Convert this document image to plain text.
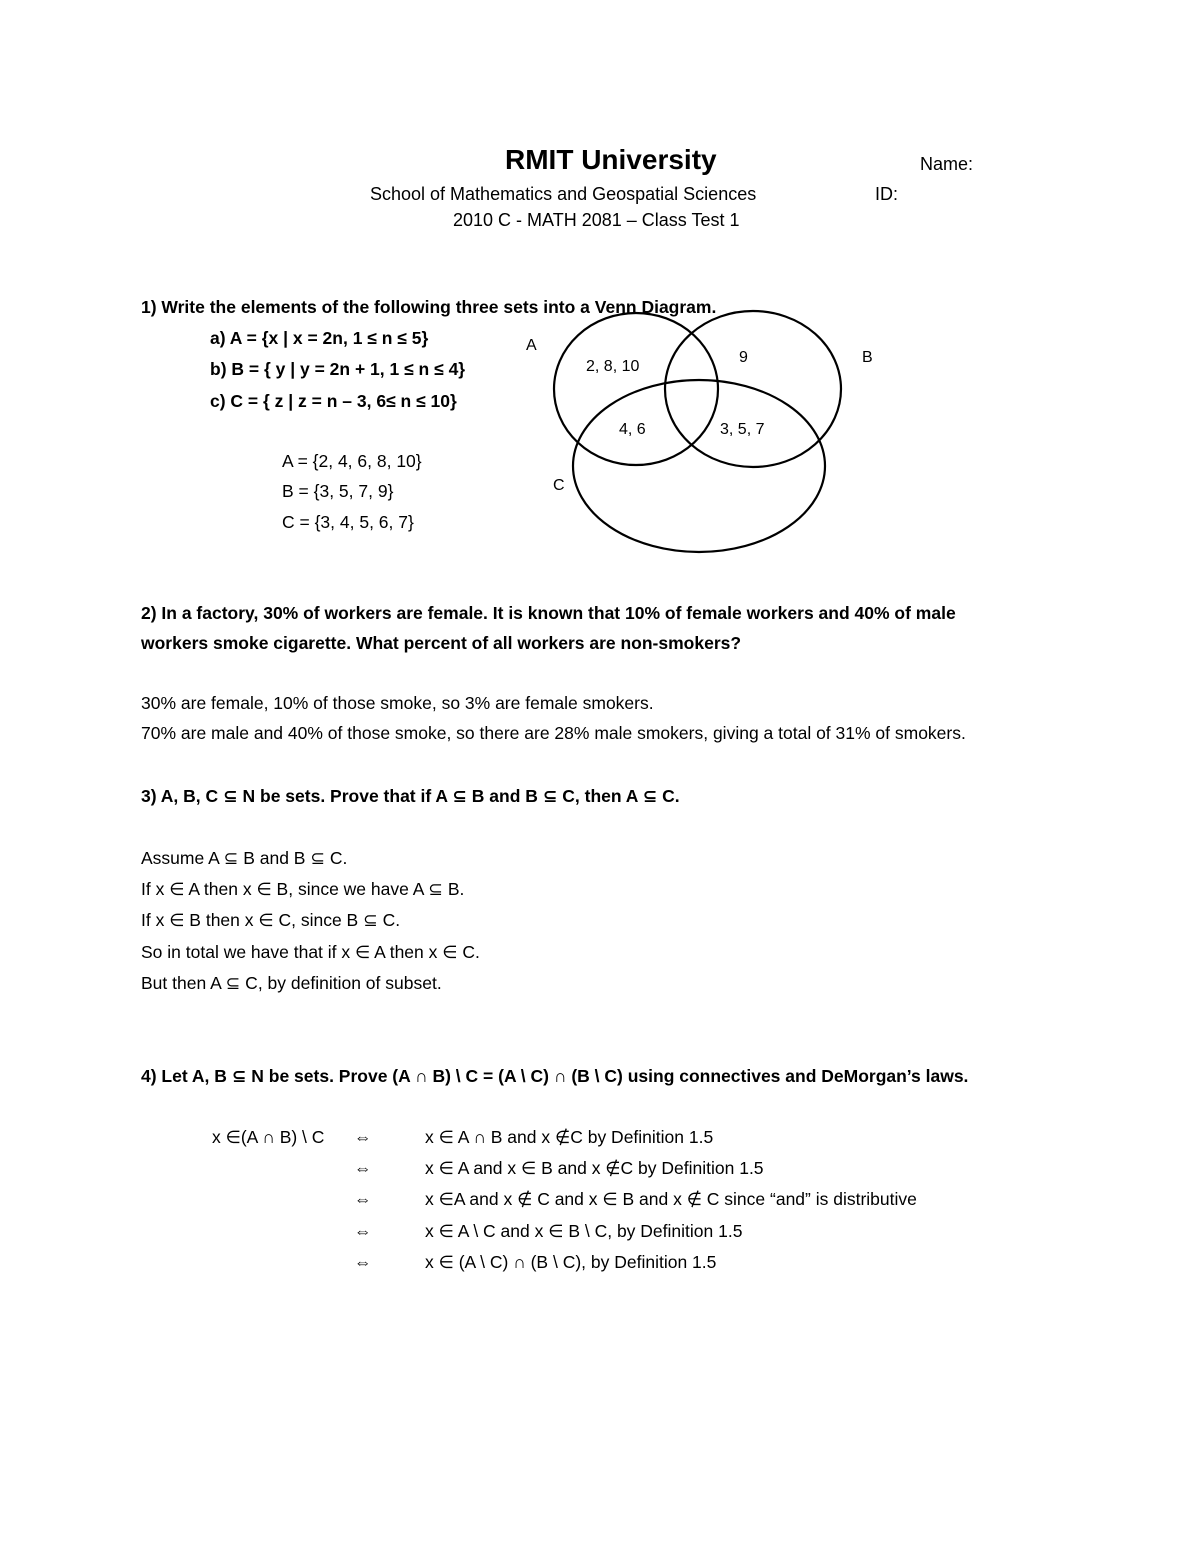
RMIT University	Name:
School of Mathematics and Geospatial Sciences	ID:
2010 C - MATH 2081 – Class Test 1
1) Write the elements of the following three sets into a Venn Diagram.
a) A = {x | x = 2n, 1 ≤ n ≤ 5}
b) B = { y | y = 2n + 1, 1 ≤ n ≤ 4}
c) C = { z | z = n – 3, 6≤ n ≤ 10}
A = {2, 4, 6, 8, 10}
B = {3, 5, 7, 9}
C = {3, 4, 5, 6, 7}
A
B
C
2, 8, 10
9
4, 6	3, 5, 7
2) In a factory, 30% of workers are female. It is known that 10% of female workers and 40% of male
workers smoke cigarette. What percent of all workers are non-smokers?
30% are female, 10% of those smoke, so 3% are female smokers.
70% are male and 40% of those smoke, so there are 28% male smokers, giving a total of 31% of smokers.
3) A, B, C ⊆ N be sets. Prove that if A ⊆ B and B ⊆ C, then A ⊆ C.
Assume A ⊆ B and B ⊆ C.
If x ∈ A then x ∈ B, since we have A ⊆ B.
If x ∈ B then x ∈ C, since B ⊆ C.
So in total we have that if x ∈ A then x ∈ C.
But then A ⊆ C, by definition of subset.
4) Let A, B ⊆ N be sets. Prove (A ∩ B) \ C = (A \ C) ∩ (B \ C) using connectives and DeMorgan’s laws.
x ∈(A ∩ B) \ C ⇔	x ∈ A ∩ B and x ∉C by Definition 1.5
⇔	x ∈ A and x ∈ B and x ∉C by Definition 1.5
⇔	x ∈A and x ∉ C and x ∈ B and x ∉ C since “and” is distributive
⇔	x ∈ A \ C and x ∈ B \ C, by Definition 1.5
⇔	x ∈ (A \ C) ∩ (B \ C), by Definition 1.5
